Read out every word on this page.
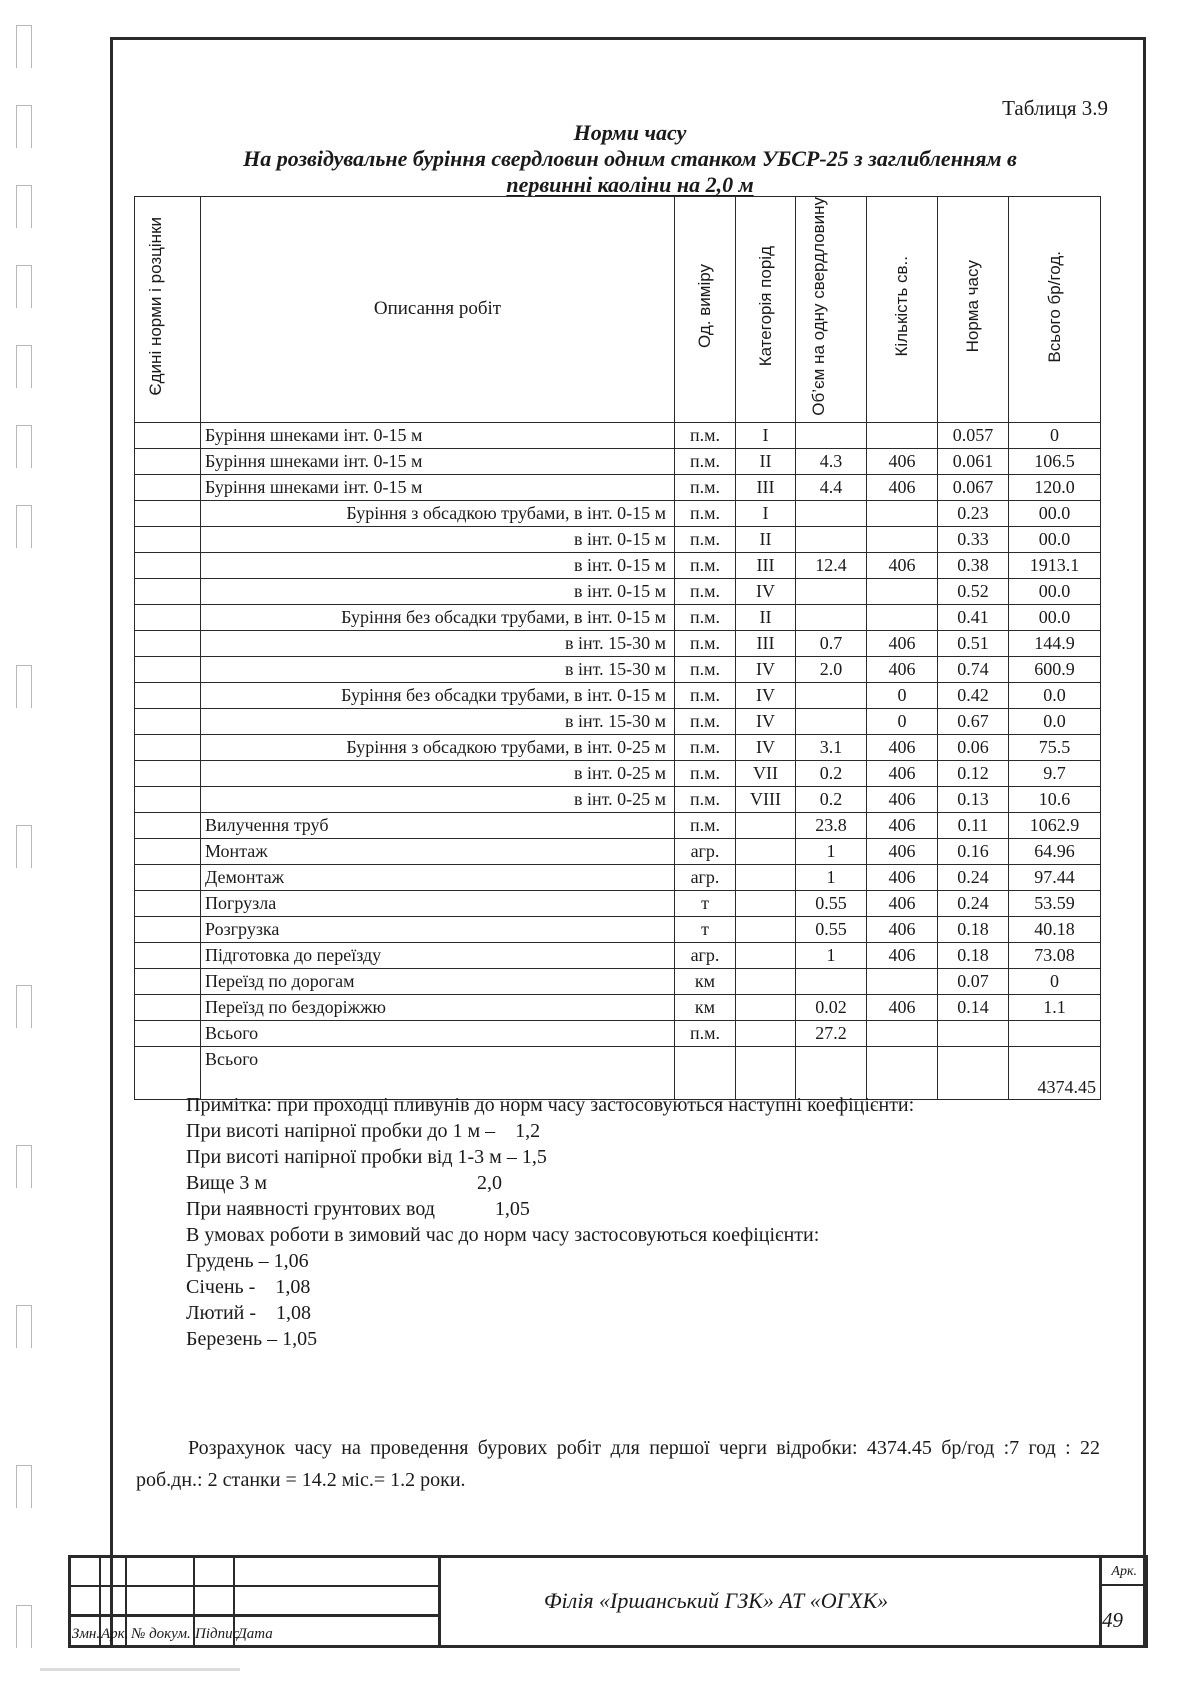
Таблиця 3.9
Норми часу
На розвідувальне буріння свердловин одним станком УБСР-25 з заглибленням в
первинні каоліни на 2,0 м
Єдині норми і розцінки	Описання робіт	Од. виміру	Категорія порід	Об’єм на одну свердловину	Кількість св..	Норма часу	Всього бр/год.
	Буріння шнеками інт. 0-15 м	п.м.	I			0.057	0
	Буріння шнеками інт. 0-15 м	п.м.	II	4.3	406	0.061	106.5
	Буріння шнеками інт. 0-15 м	п.м.	III	4.4	406	0.067	120.0
	Буріння з обсадкою трубами, в інт. 0-15 м	п.м.	I			0.23	00.0
	в інт. 0-15 м	п.м.	II			0.33	00.0
	в інт. 0-15 м	п.м.	III	12.4	406	0.38	1913.1
	в інт. 0-15 м	п.м.	IV			0.52	00.0
	Буріння без обсадки трубами, в інт. 0-15 м	п.м.	II			0.41	00.0
	в інт. 15-30 м	п.м.	III	0.7	406	0.51	144.9
	в інт. 15-30 м	п.м.	IV	2.0	406	0.74	600.9
	Буріння без обсадки трубами, в інт. 0-15 м	п.м.	IV		0	0.42	0.0
	в інт. 15-30 м	п.м.	IV		0	0.67	0.0
	Буріння з обсадкою трубами, в інт. 0-25 м	п.м.	IV	3.1	406	0.06	75.5
	в інт. 0-25 м	п.м.	VII	0.2	406	0.12	9.7
	в інт. 0-25 м	п.м.	VIII	0.2	406	0.13	10.6
	Вилучення труб	п.м.		23.8	406	0.11	1062.9
	Монтаж	агр.		1	406	0.16	64.96
	Демонтаж	агр.		1	406	0.24	97.44
	Погрузла	т		0.55	406	0.24	53.59
	Розгрузка	т		0.55	406	0.18	40.18
	Підготовка до переїзду	агр.		1	406	0.18	73.08
	Переїзд по дорогам	км				0.07	0
	Переїзд по бездоріжжю	км		0.02	406	0.14	1.1
	Всього	п.м.		27.2			
	Всього						4374.45
Примітка: при проходці пливунів до норм часу застосовуються наступні коефіцієнти:
При висоті напірної пробки до 1 м –    1,2
При висоті напірної пробки від 1-3 м – 1,5
Вище 3 м                                          2,0
При наявності грунтових вод            1,05
В умовах роботи в зимовий час до норм часу застосовуються коефіцієнти:
Грудень – 1,06
Січень -    1,08
Лютий -    1,08
Березень – 1,05
Розрахунок часу на проведення бурових робіт для першої черги відробки: 4374.45 бр/год :7 год : 22 роб.дн.: 2 станки = 14.2 міс.= 1.2 роки.
Змн. Арк. № докум. Підпис
Дата
Філія «Іршанський ГЗК» АТ «ОГХК»
Арк.
49
